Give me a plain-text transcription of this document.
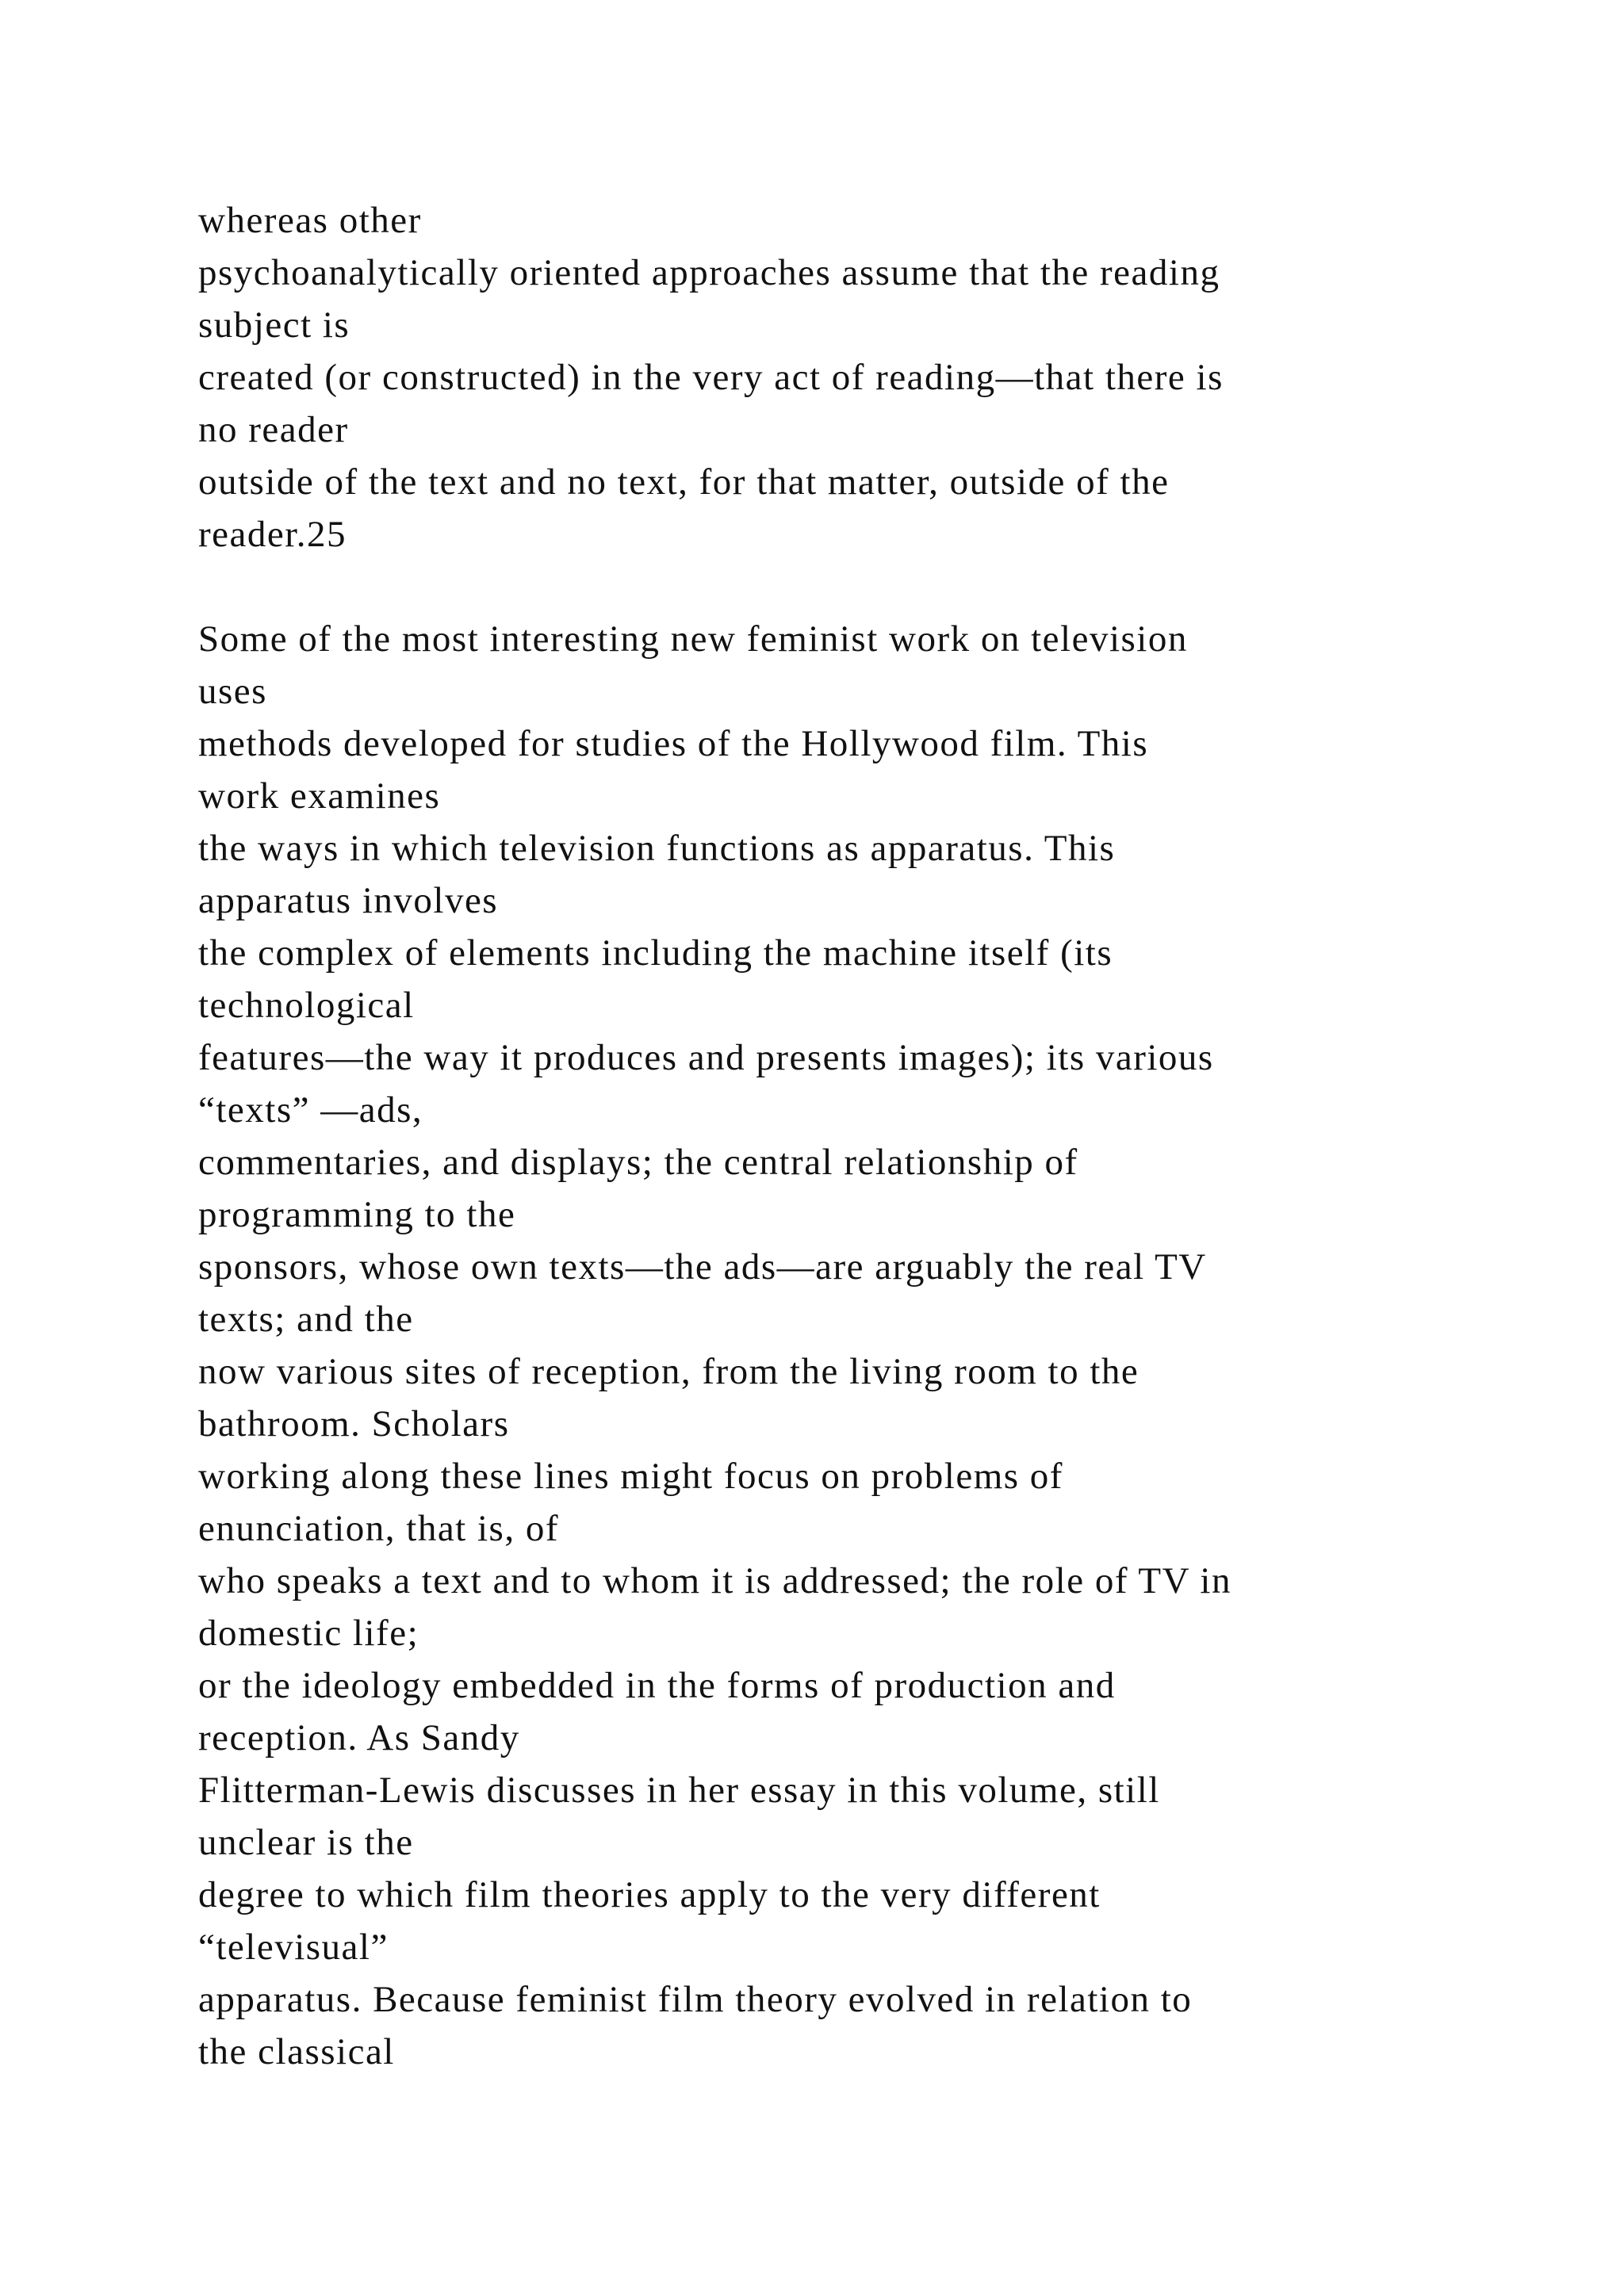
whereas other
psychoanalytically oriented approaches assume that the reading
subject is
created (or constructed) in the very act of reading—that there is
no reader
outside of the text and no text, for that matter, outside of the
reader.25
Some of the most interesting new feminist work on television
uses
methods developed for studies of the Hollywood film. This
work examines
the ways in which television functions as apparatus. This
apparatus involves
the complex of elements including the machine itself (its
technological
features—the way it produces and presents images); its various
“texts” —ads,
commentaries, and displays; the central relationship of
programming to the
sponsors, whose own texts—the ads—are arguably the real TV
texts; and the
now various sites of reception, from the living room to the
bathroom. Scholars
working along these lines might focus on problems of
enunciation, that is, of
who speaks a text and to whom it is addressed; the role of TV in
domestic life;
or the ideology embedded in the forms of production and
reception. As Sandy
Flitterman-Lewis discusses in her essay in this volume, still
unclear is the
degree to which film theories apply to the very different
“televisual”
apparatus. Because feminist film theory evolved in relation to
the classical
